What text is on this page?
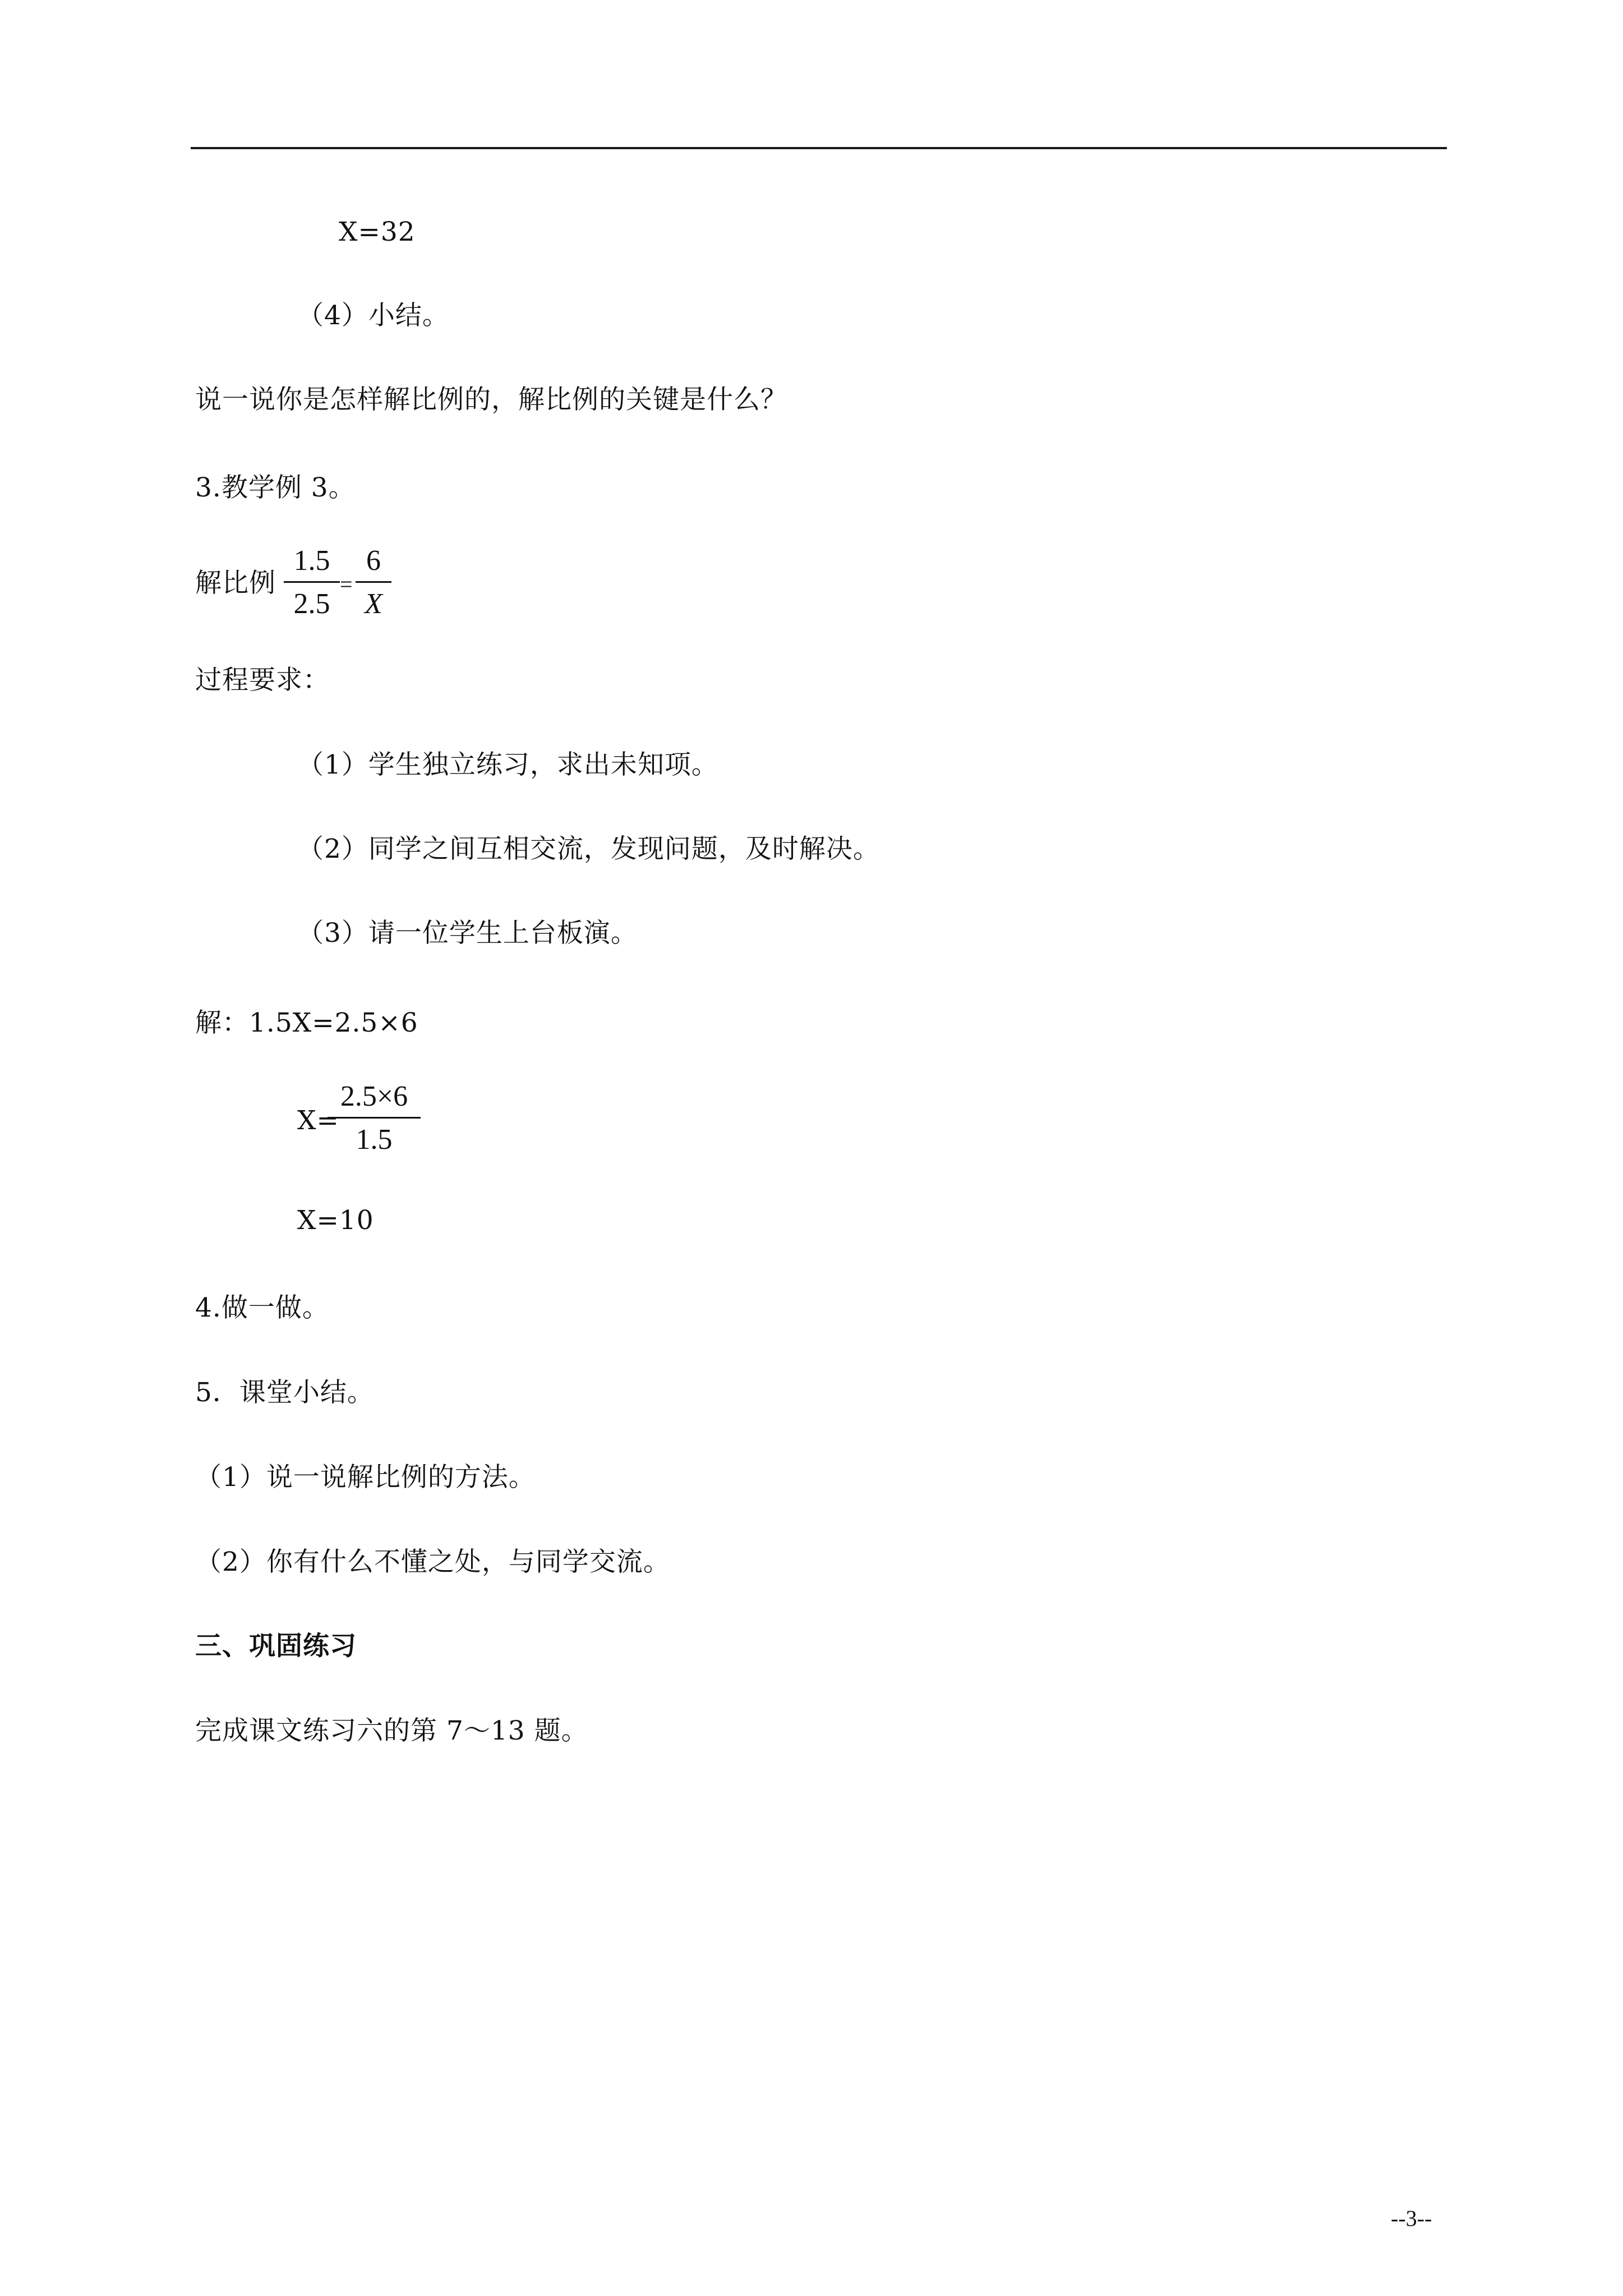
X=32
（4）小结。
说一说你是怎样解比例的，解比例的关键是什么？
3.教学例 3。
解比例
1.5
2.5
=
6
X
过程要求：
（1）学生独立练习，求出未知项。
（2）同学之间互相交流，发现问题，及时解决。
（3）请一位学生上台板演。
解：1.5X=2.5×6
X=
2.5×6
1.5
X=10
4.做一做。
5．课堂小结。
（1）说一说解比例的方法。
（2）你有什么不懂之处，与同学交流。
三、巩固练习
完成课文练习六的第 7～13 题。
--3--
